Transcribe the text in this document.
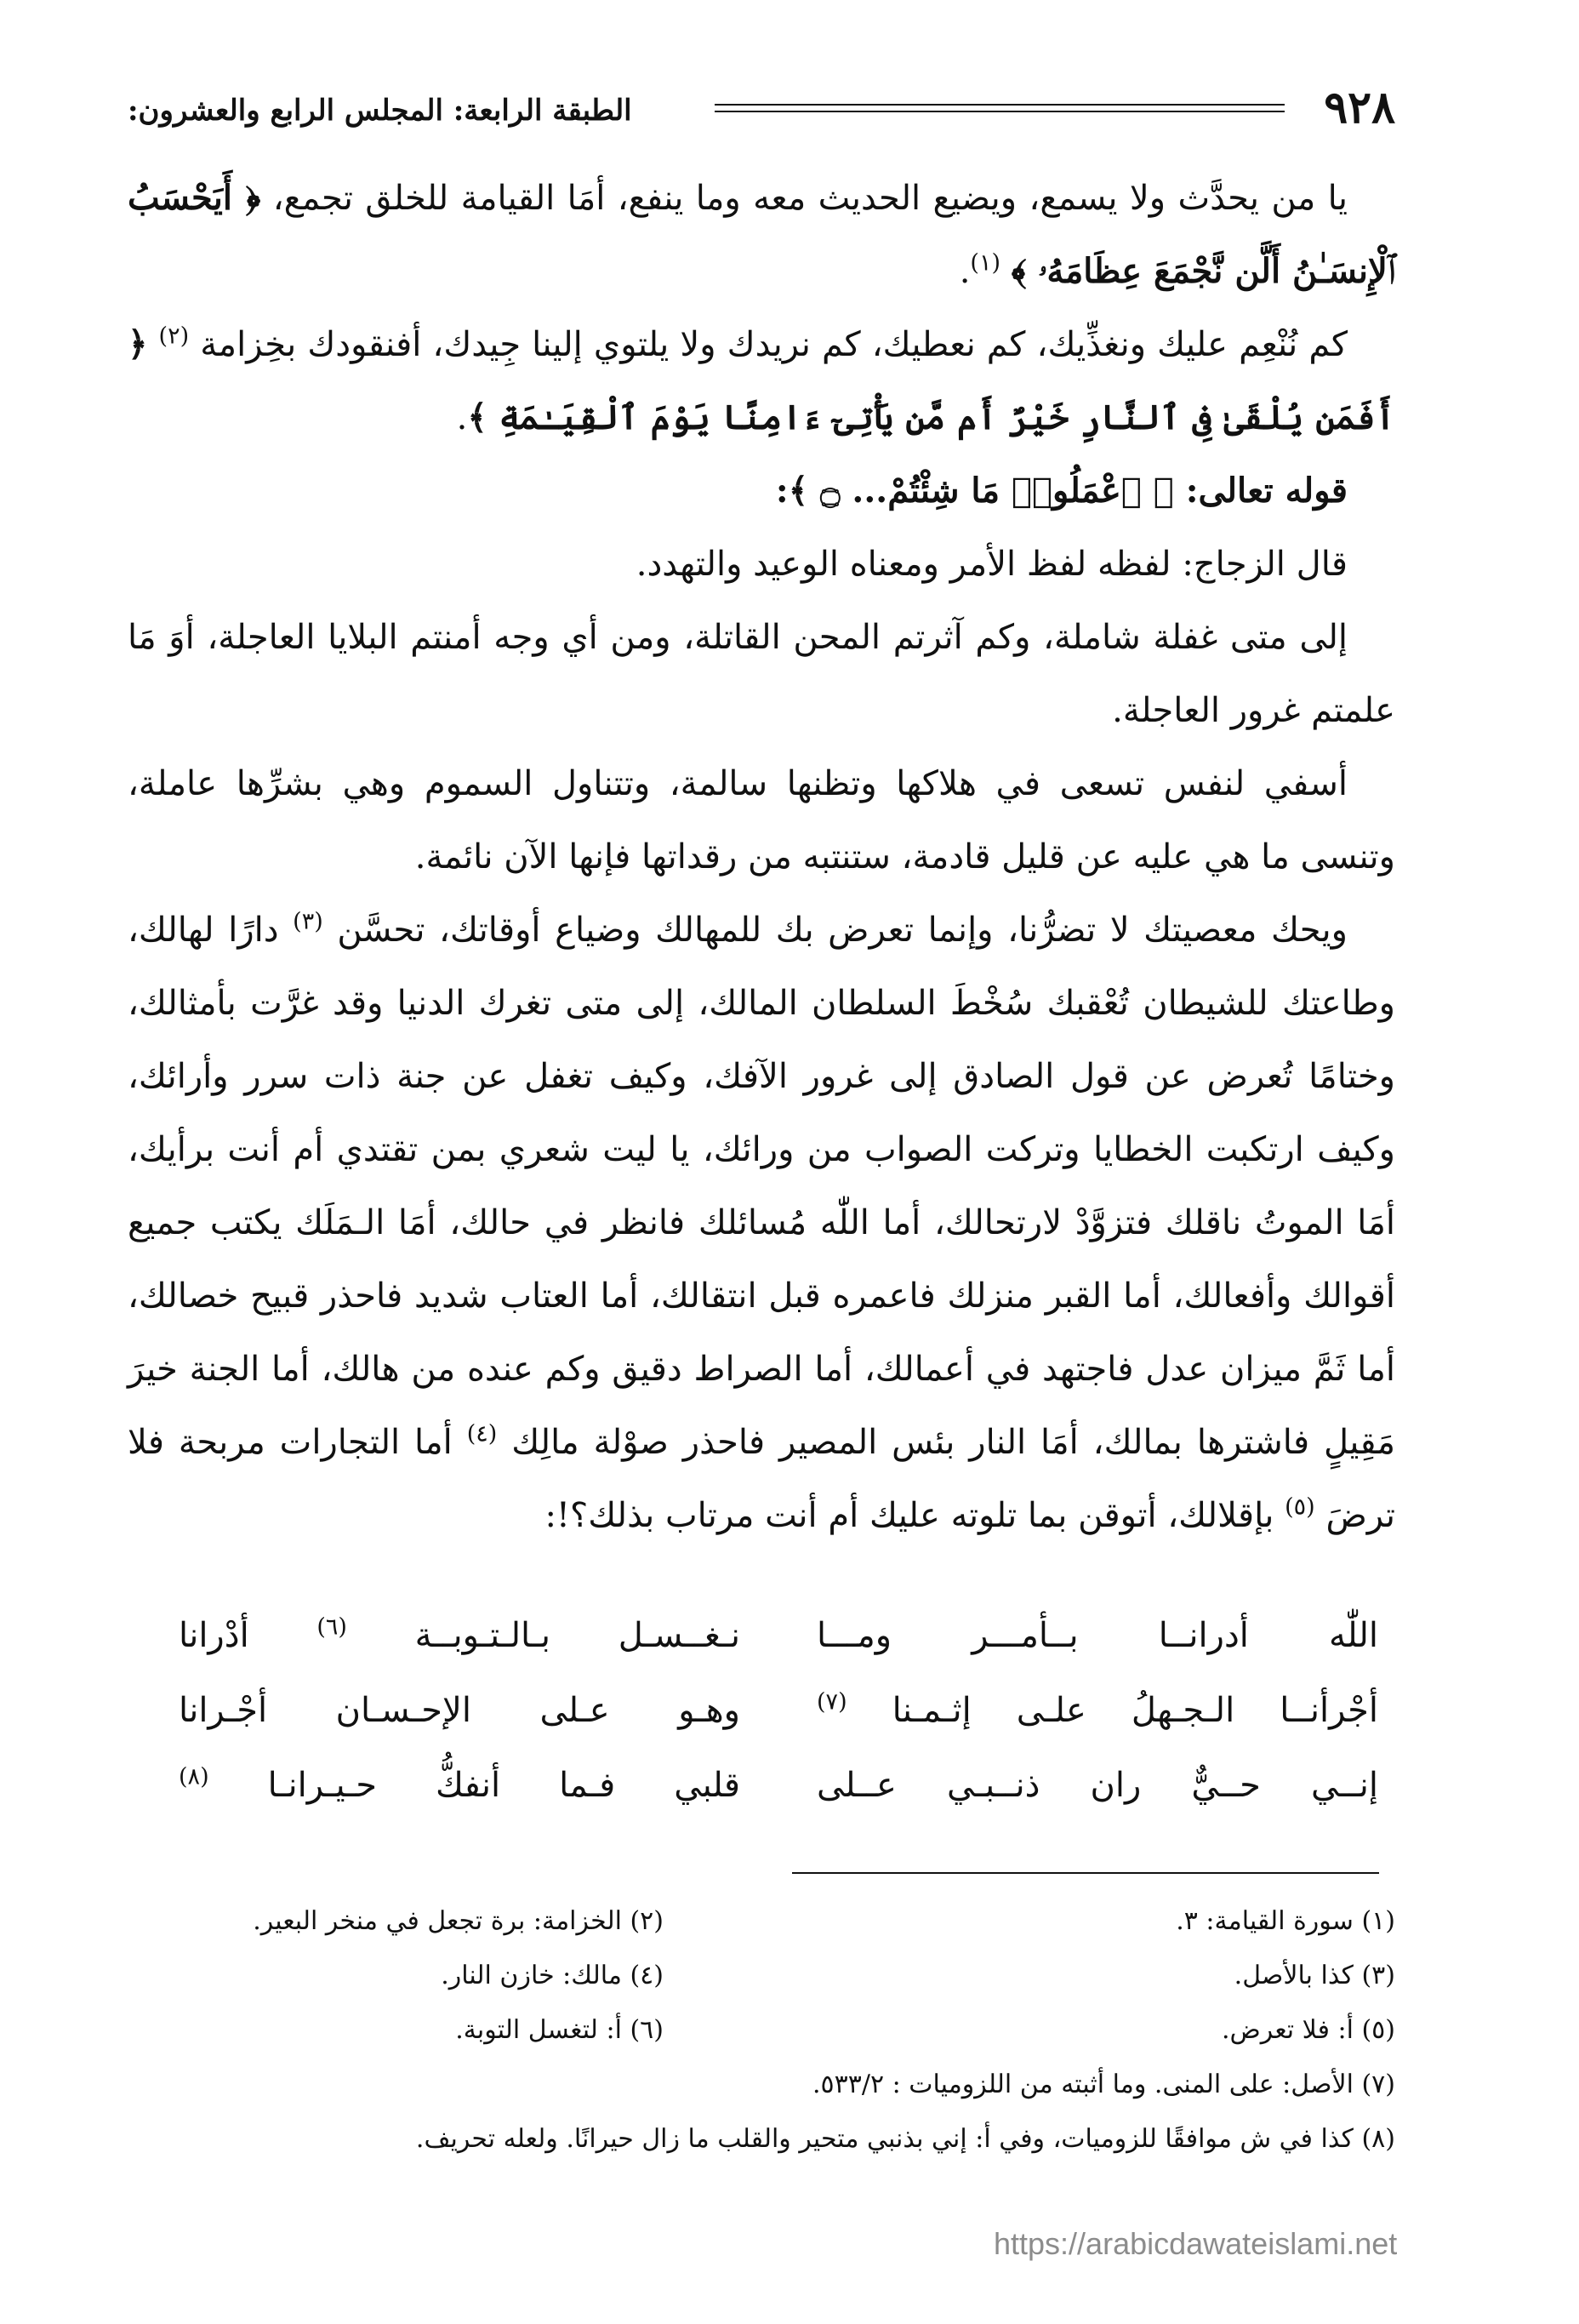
٩٢٨
الطبقة الرابعة: المجلس الرابع والعشرون:

يا من يحدَّث ولا يسمع، ويضيع الحديث معه وما ينفع، أمَا القيامة للخلق تجمع، ﴿ أَيَحْسَبُ ٱلْإِنسَـٰنُ أَلَّن نَّجْمَعَ عِظَامَهُۥ ﴾ $^{(١)}$.

كم نُنْعِم عليك ونغذِّيك، كم نعطيك، كم نريدك ولا يلتوي إلينا جِيدك، أفنقودك بخِزامة $^{(٢)}$ ﴿ أَفَمَن يُلْقَىٰ فِى ٱلنَّارِ خَيْرٌ أَم مَّن يَأْتِىٓ ءَامِنًا يَوْمَ ٱلْقِيَـٰمَةِ ﴾.

قوله تعالى: ﴿ ٱعْمَلُوا۟ مَا شِئْتُمْ... ۝ ﴾:

قال الزجاج: لفظه لفظ الأمر ومعناه الوعيد والتهدد.

إلى متى غفلة شاملة، وكم آثرتم المحن القاتلة، ومن أي وجه أمنتم البلايا العاجلة، أوَ مَا علمتم غرور العاجلة.

أسفي لنفس تسعى في هلاكها وتظنها سالمة، وتتناول السموم وهي بشرِّها عاملة، وتنسى ما هي عليه عن قليل قادمة، ستنتبه من رقداتها فإنها الآن نائمة.

ويحك معصيتك لا تضرُّنا، وإنما تعرض بك للمهالك وضياع أوقاتك، تحسَّن $^{(٣)}$ دارًا لهالك، وطاعتك للشيطان تُعْقبك سُخْطَ السلطان المالك، إلى متى تغرك الدنيا وقد غرَّت بأمثالك، وختامًا تُعرض عن قول الصادق إلى غرور الآفك، وكيف تغفل عن جنة ذات سرر وأرائك، وكيف ارتكبت الخطايا وتركت الصواب من ورائك، يا ليت شعري بمن تقتدي أم أنت برأيك، أمَا الموتُ ناقلك فتزوَّدْ لارتحالك، أما اللّٰه مُسائلك فانظر في حالك، أمَا الـمَلَك يكتب جميع أقوالك وأفعالك، أما القبر منزلك فاعمره قبل انتقالك، أما العتاب شديد فاحذر قبيح خصالك، أما ثَمَّ ميزان عدل فاجتهد في أعمالك، أما الصراط دقيق وكم عنده من هالك، أما الجنة خيرَ مَقِيلٍ فاشترها بمالك، أمَا النار بئس المصير فاحذر صوْلة مالِك $^{(٤)}$ أما التجارات مربحة فلا ترضَ $^{(٥)}$ بإقلالك، أتوقن بما تلوته عليك أم أنت مرتاب بذلك؟!:

اللّٰه أدرانــا بــأمـــر ومـــا
نـغــسـل بـالـتـوبــة $^{(٦)}$ أدْرانا
أجْرأنــا الـجـهلُ علـى إثـمـنا $^{(٧)}$
وهـو عـلى الإحـسـان أجْـرانا
إنــي حــيٌّ ران ذنــبـي عــلى
قلبي فـما أنفكُّ حـيـرانـا $^{(٨)}$
(١) سورة القيامة: ٣.
(٢) الخزامة: برة تجعل في منخر البعير.
(٣) كذا بالأصل.
(٤) مالك: خازن النار.
(٥) أ: فلا تعرض.
(٦) أ: لتغسل التوبة.
(٧) الأصل: على المنى. وما أثبته من اللزوميات : ٥٣٣/٢.
(٨) كذا في ش موافقًا للزوميات، وفي أ: إني بذنبي متحير والقلب ما زال حيرانًا. ولعله تحريف.
https://arabicdawateislami.net
